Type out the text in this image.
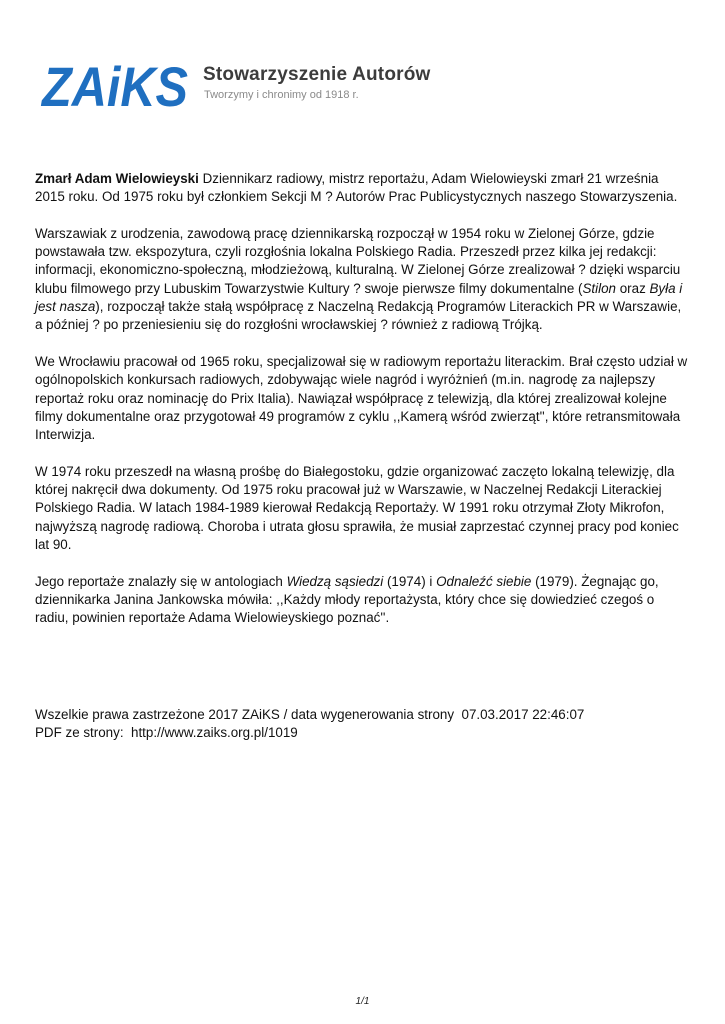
ZAiKS Stowarzyszenie Autorów
Tworzymy i chronimy od 1918 r.

Zmarł Adam Wielowieyski Dziennikarz radiowy, mistrz reportażu, Adam Wielowieyski zmarł 21 września 2015 roku. Od 1975 roku był członkiem Sekcji M ? Autorów Prac Publicystycznych naszego Stowarzyszenia.

Warszawiak z urodzenia, zawodową pracę dziennikarską rozpoczął w 1954 roku w Zielonej Górze, gdzie powstawała tzw. ekspozytura, czyli rozgłośnia lokalna Polskiego Radia. Przeszedł przez kilka jej redakcji: informacji, ekonomiczno-społeczną, młodzieżową, kulturalną. W Zielonej Górze zrealizował ? dzięki wsparciu klubu filmowego przy Lubuskim Towarzystwie Kultury ? swoje pierwsze filmy dokumentalne (Stilon oraz Była i jest nasza), rozpoczął także stałą współpracę z Naczelną Redakcją Programów Literackich PR w Warszawie, a później ? po przeniesieniu się do rozgłośni wrocławskiej ? również z radiową Trójką.

We Wrocławiu pracował od 1965 roku, specjalizował się w radiowym reportażu literackim. Brał często udział w ogólnopolskich konkursach radiowych, zdobywając wiele nagród i wyróżnień (m.in. nagrodę za najlepszy reportaż roku oraz nominację do Prix Italia). Nawiązał współpracę z telewizją, dla której zrealizował kolejne filmy dokumentalne oraz przygotował 49 programów z cyklu ,,Kamerą wśród zwierząt'', które retransmitowała Interwizja.

W 1974 roku przeszedł na własną prośbę do Białegostoku, gdzie organizować zaczęto lokalną telewizję, dla której nakręcił dwa dokumenty. Od 1975 roku pracował już w Warszawie, w Naczelnej Redakcji Literackiej Polskiego Radia. W latach 1984-1989 kierował Redakcją Reportaży. W 1991 roku otrzymał Złoty Mikrofon, najwyższą nagrodę radiową. Choroba i utrata głosu sprawiła, że musiał zaprzestać czynnej pracy pod koniec lat 90.

Jego reportaże znalazły się w antologiach Wiedzą sąsiedzi (1974) i Odnaleźć siebie (1979). Żegnając go, dziennikarka Janina Jankowska mówiła: ,,Każdy młody reportażysta, który chce się dowiedzieć czegoś o radiu, powinien reportaże Adama Wielowieyskiego poznać''.

Wszelkie prawa zastrzeżone 2017 ZAiKS / data wygenerowania strony 07.03.2017 22:46:07
PDF ze strony: http://www.zaiks.org.pl/1019
1/1
